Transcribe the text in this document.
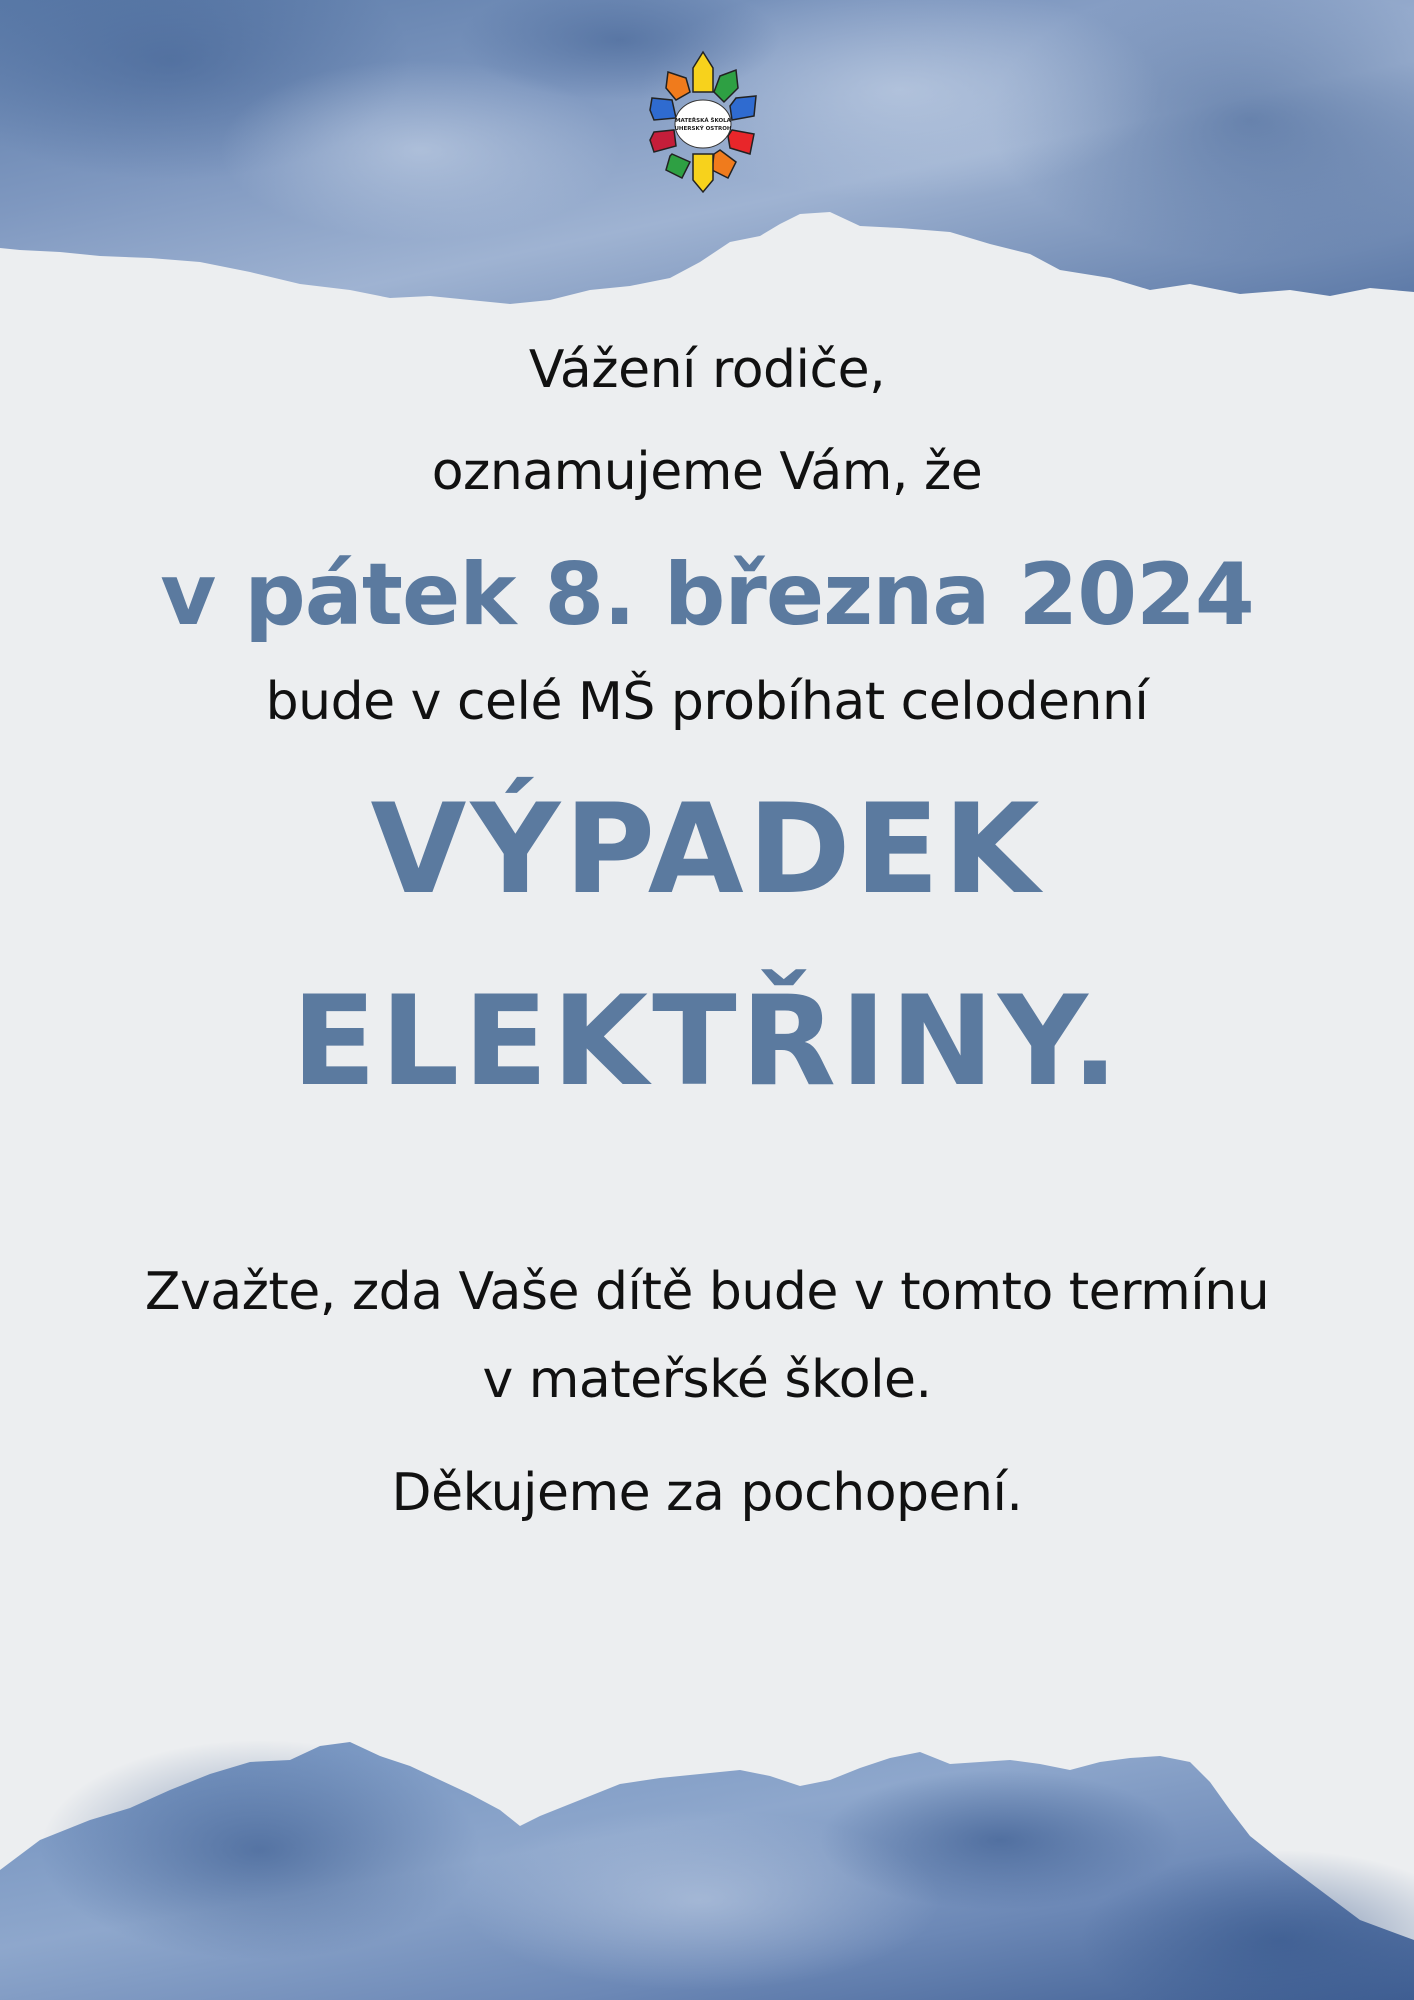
MATEŘSKÁ ŠKOLA
UHERSKÝ OSTROH

Vážení rodiče,

oznamujeme Vám, že

v pátek 8. března 2024

bude v celé MŠ probíhat celodenní

VÝPADEK

ELEKTŘINY.

Zvažte, zda Vaše dítě bude v tomto termínu v mateřské škole.

Děkujeme za pochopení.
